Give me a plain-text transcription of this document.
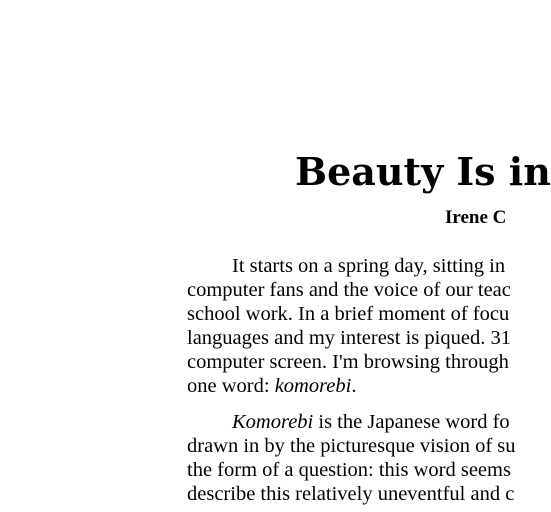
Beauty Is in
Irene C

It starts on a spring day, sitting in
computer fans and the voice of our teac
school work. In a brief moment of focu
languages and my interest is piqued. 31
computer screen. I'm browsing through
one word: komorebi.

Komorebi is the Japanese word fo
drawn in by the picturesque vision of su
the form of a question: this word seems
describe this relatively uneventful and c
